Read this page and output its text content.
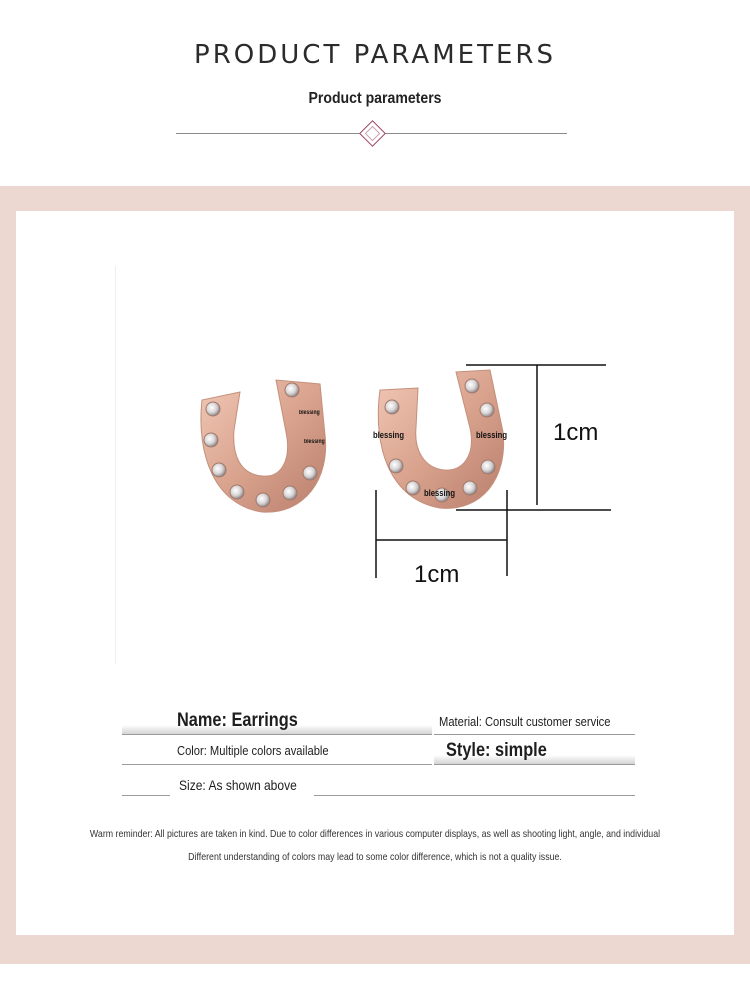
PRODUCT PARAMETERS
Product parameters
blessing
blessing
blessing	blessing
blessing
1cm
1cm
Name: Earrings	Material: Consult customer service
Color: Multiple colors available	Style: simple
Size: As shown above
Warm reminder: All pictures are taken in kind. Due to color differences in various computer displays, as well as shooting light, angle, and individual
Different understanding of colors may lead to some color difference, which is not a quality issue.
